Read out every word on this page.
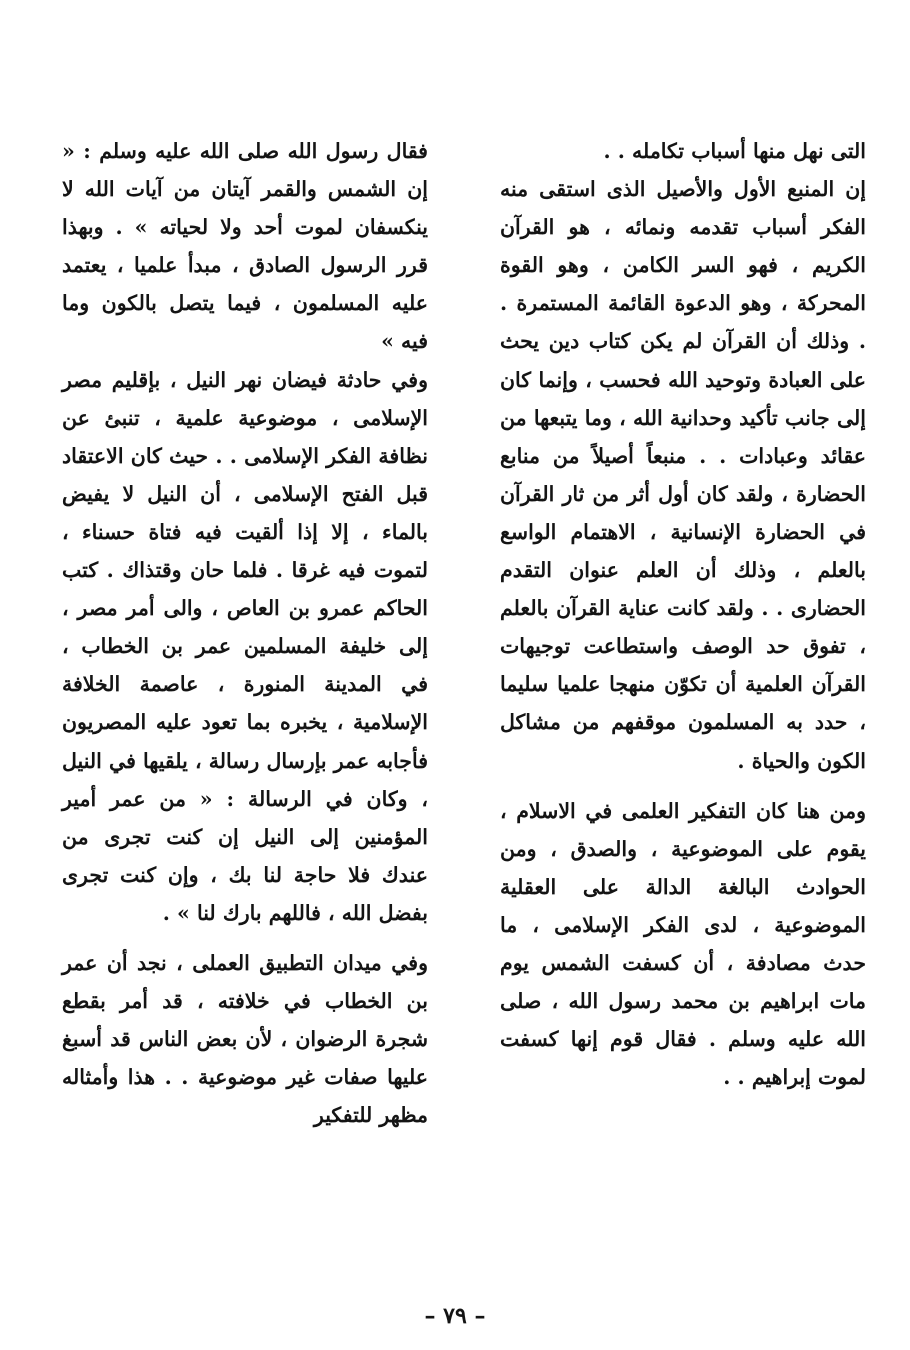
التى نهل منها أسباب تكامله . .

إن المنبع الأول والأصيل الذى استقى منه الفكر أسباب تقدمه ونمائه ، هو القرآن الكريم ، فهو السر الكامن ، وهو القوة المحركة ، وهو الدعوة القائمة المستمرة . . وذلك أن القرآن لم يكن كتاب دين يحث على العبادة وتوحيد الله فحسب ، وإنما كان إلى جانب تأكيد وحدانية الله ، وما يتبعها من عقائد وعبادات . . منبعاً أصيلاً من منابع الحضارة ، ولقد كان أول أثر من ثار القرآن في الحضارة الإنسانية ، الاهتمام الواسع بالعلم ، وذلك أن العلم عنوان التقدم الحضارى . . ولقد كانت عناية القرآن بالعلم ، تفوق حد الوصف واستطاعت توجيهات القرآن العلمية أن تكوّن منهجا علميا سليما ، حدد به المسلمون موقفهم من مشاكل الكون والحياة .

ومن هنا كان التفكير العلمى في الاسلام ، يقوم على الموضوعية ، والصدق ، ومن الحوادث البالغة الدالة على العقلية الموضوعية ، لدى الفكر الإسلامى ، ما حدث مصادفة ، أن كسفت الشمس يوم مات ابراهيم بن محمد رسول الله ، صلى الله عليه وسلم . فقال قوم إنها كسفت لموت إبراهيم . .

فقال رسول الله صلى الله عليه وسلم : « إن الشمس والقمر آيتان من آيات الله لا ينكسفان لموت أحد ولا لحياته » . وبهذا قرر الرسول الصادق ، مبدأ علميا ، يعتمد عليه المسلمون ، فيما يتصل بالكون وما فيه »

وفي حادثة فيضان نهر النيل ، بإقليم مصر الإسلامى ، موضوعية علمية ، تنبئ عن نظافة الفكر الإسلامى . . حيث كان الاعتقاد قبل الفتح الإسلامى ، أن النيل لا يفيض بالماء ، إلا إذا ألقيت فيه فتاة حسناء ، لتموت فيه غرقا . فلما حان وقتذاك . كتب الحاكم عمرو بن العاص ، والى أمر مصر ، إلى خليفة المسلمين عمر بن الخطاب ، في المدينة المنورة ، عاصمة الخلافة الإسلامية ، يخبره بما تعود عليه المصريون فأجابه عمر بإرسال رسالة ، يلقيها في النيل ، وكان في الرسالة : « من عمر أمير المؤمنين إلى النيل إن كنت تجرى من عندك فلا حاجة لنا بك ، وإن كنت تجرى بفضل الله ، فاللهم بارك لنا » .

وفي ميدان التطبيق العملى ، نجد أن عمر بن الخطاب في خلافته ، قد أمر بقطع شجرة الرضوان ، لأن بعض الناس قد أسبغ عليها صفات غير موضوعية . . هذا وأمثاله مظهر للتفكير

– ٧٩ –
